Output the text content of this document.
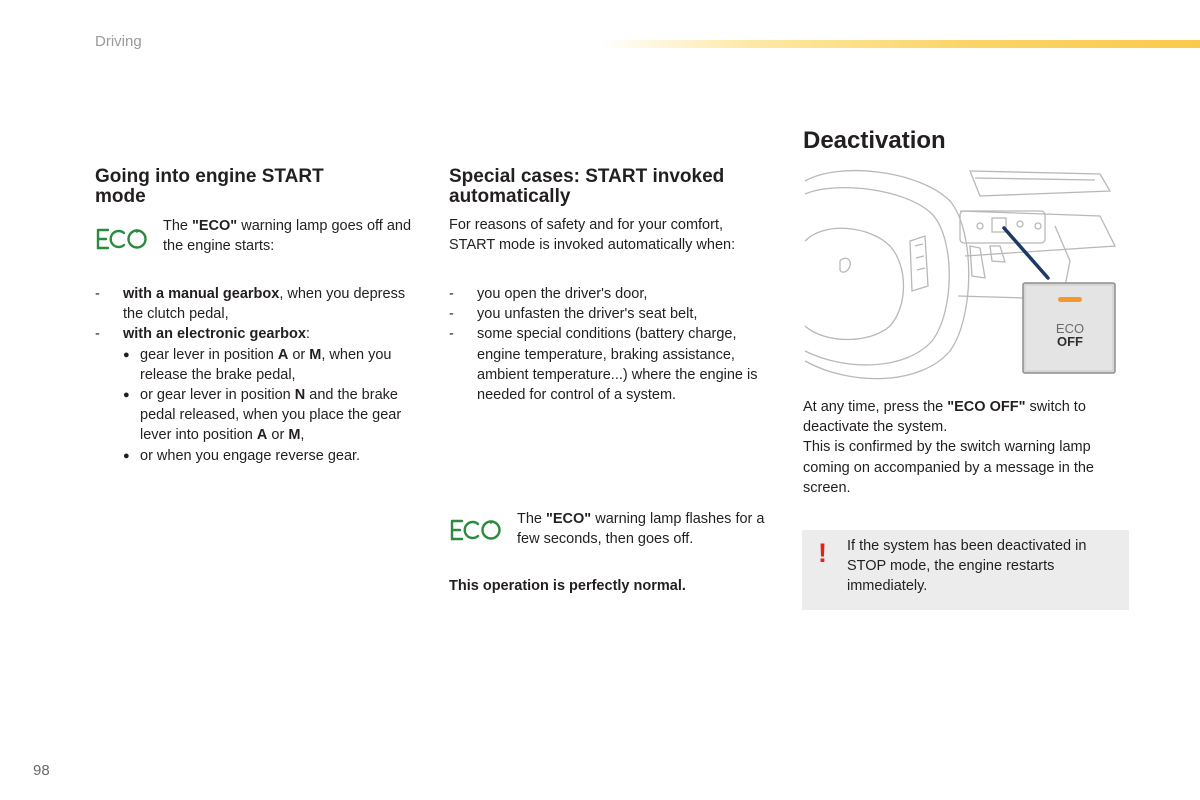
Driving
Going into engine START mode
The "ECO" warning lamp goes off and the engine starts:
- with a manual gearbox, when you depress the clutch pedal,
- with an electronic gearbox:
● gear lever in position A or M, when you release the brake pedal,
● or gear lever in position N and the brake pedal released, when you place the gear lever into position A or M,
● or when you engage reverse gear.
Special cases: START invoked automatically

For reasons of safety and for your comfort, START mode is invoked automatically when:

- you open the driver's door,
- you unfasten the driver's seat belt,
- some special conditions (battery charge, engine temperature, braking assistance, ambient temperature...) where the engine is needed for control of a system.
The "ECO" warning lamp flashes for a few seconds, then goes off.
This operation is perfectly normal.
Deactivation
ECO
OFF

At any time, press the "ECO OFF" switch to deactivate the system.

This is confirmed by the switch warning lamp coming on accompanied by a message in the screen.

! If the system has been deactivated in STOP mode, the engine restarts immediately.
98
